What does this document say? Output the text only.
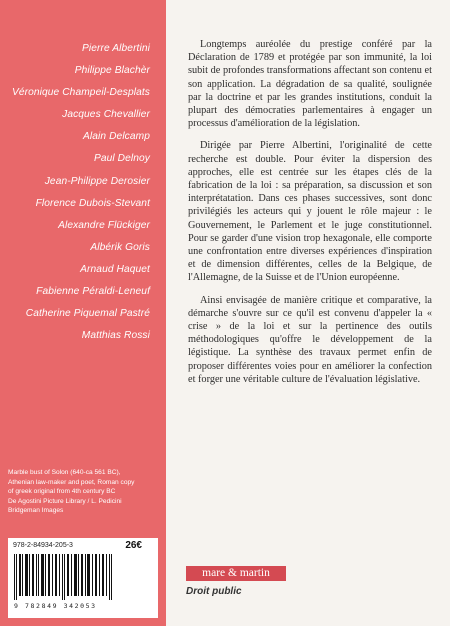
Pierre Albertini
Philippe Blachèr
Véronique Champeil-Desplats
Jacques Chevallier
Alain Delcamp
Paul Delnoy
Jean-Philippe Derosier
Florence Dubois-Stevant
Alexandre Flückiger
Albérik Goris
Arnaud Haquet
Fabienne Péraldi-Leneuf
Catherine Piquemal Pastré
Matthias Rossi
Marble bust of Solon (640-ca 561 BC),
Athenian law-maker and poet, Roman copy
of greek original from 4th century BC
De Agostini Picture Library / L. Pedicini
Bridgeman Images
978-2-84934-205-3	26€
9 782849 342053

Longtemps auréolée du prestige conféré par la Déclaration de 1789 et protégée par son immunité, la loi subit de profondes transformations affectant son contenu et son application. La dégradation de sa qualité, soulignée par la doctrine et par les grandes institutions, conduit la plupart des démocraties parlementaires à engager un processus d'amélioration de la législation.

Dirigée par Pierre Albertini, l'originalité de cette recherche est double. Pour éviter la dispersion des approches, elle est centrée sur les étapes clés de la fabrication de la loi : sa préparation, sa discussion et son interprétatation. Dans ces phases successives, sont donc privilégiés les acteurs qui y jouent le rôle majeur : le Gouvernement, le Parlement et le juge constitutionnel. Pour se garder d'une vision trop hexagonale, elle comporte une confrontation entre diverses expériences d'inspiration et de dimension différentes, celles de la Belgique, de l'Allemagne, de la Suisse et de l'Union européenne.

Ainsi envisagée de manière critique et comparative, la démarche s'ouvre sur ce qu'il est convenu d'appeler la « crise » de la loi et sur la pertinence des outils méthodologiques qu'offre le développement de la légistique. La synthèse des travaux permet enfin de proposer différentes voies pour en améliorer la confection et forger une véritable culture de l'évaluation législative.

mare & martin
Droit public
